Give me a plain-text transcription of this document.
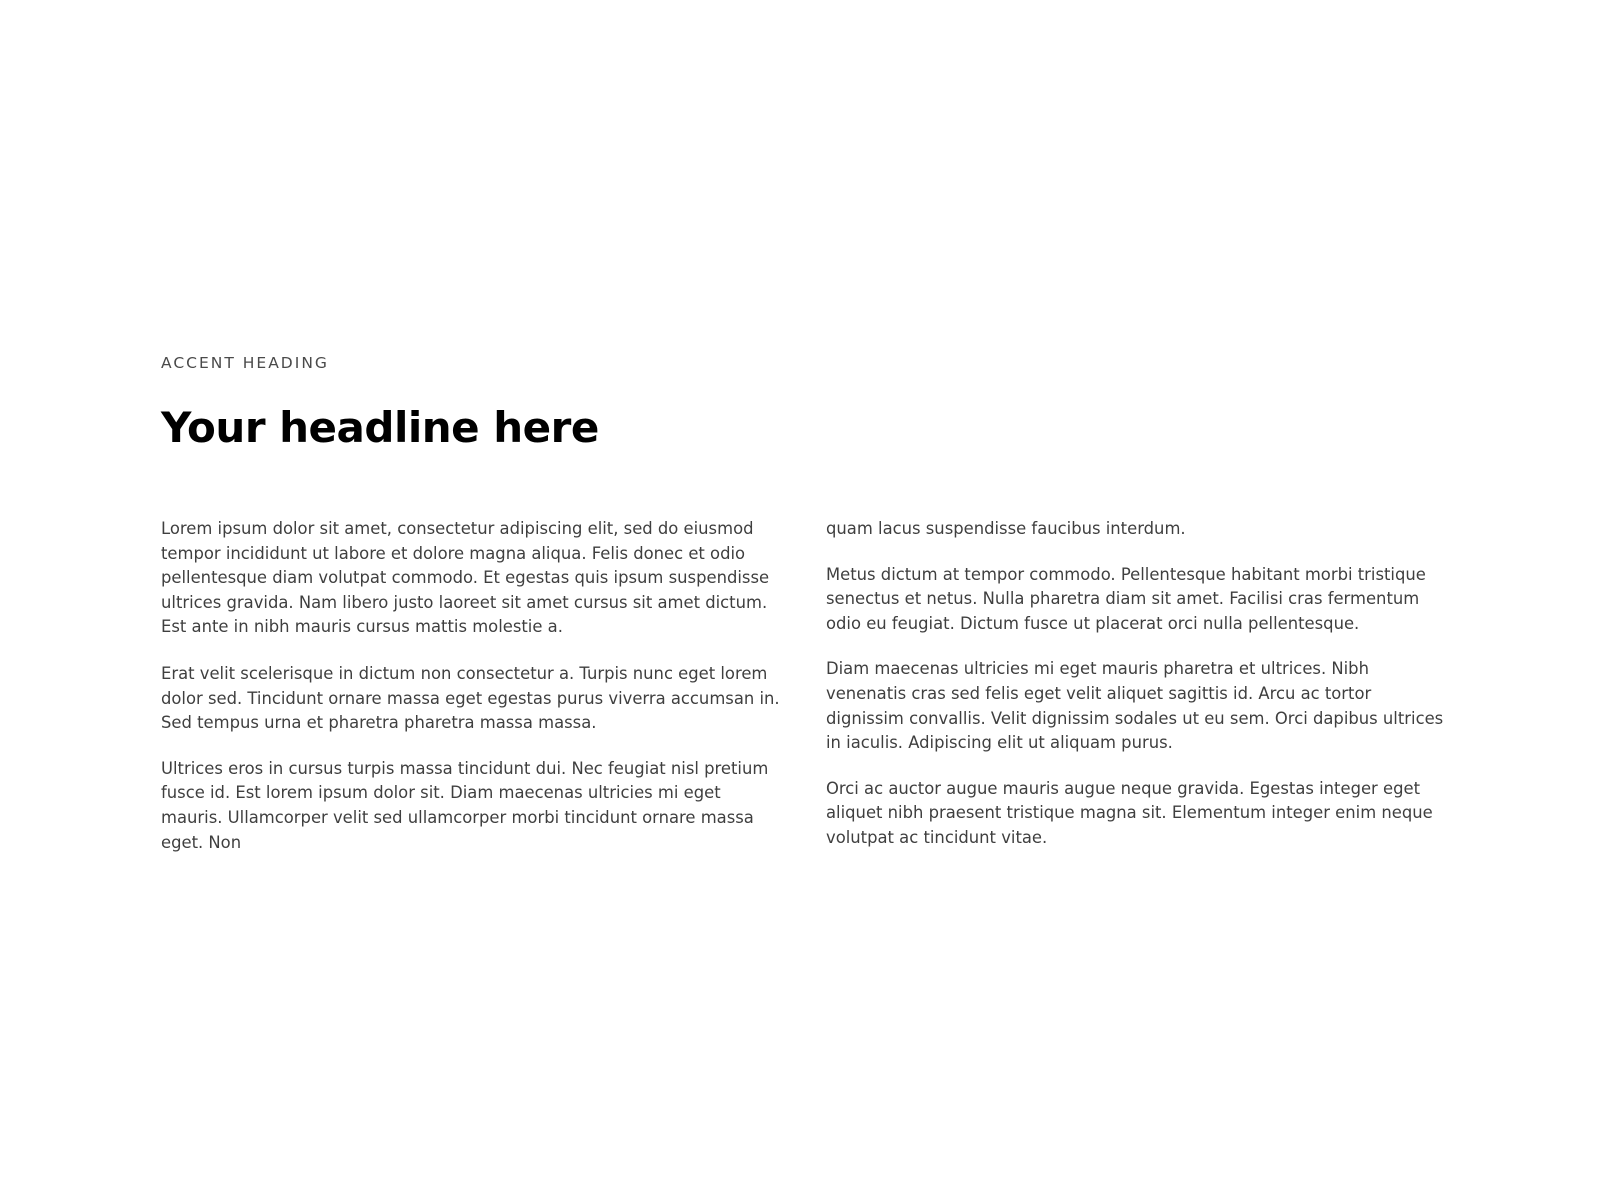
ACCENT HEADING
Your headline here

Lorem ipsum dolor sit amet, consectetur adipiscing elit, sed do eiusmod tempor incididunt ut labore et dolore magna aliqua. Felis donec et odio pellentesque diam volutpat commodo. Et egestas quis ipsum suspendisse ultrices gravida. Nam libero justo laoreet sit amet cursus sit amet dictum. Est ante in nibh mauris cursus mattis molestie a.

Erat velit scelerisque in dictum non consectetur a. Turpis nunc eget lorem dolor sed. Tincidunt ornare massa eget egestas purus viverra accumsan in. Sed tempus urna et pharetra pharetra massa massa.

Ultrices eros in cursus turpis massa tincidunt dui. Nec feugiat nisl pretium fusce id. Est lorem ipsum dolor sit. Diam maecenas ultricies mi eget mauris. Ullamcorper velit sed ullamcorper morbi tincidunt ornare massa eget. Non

quam lacus suspendisse faucibus interdum.

Metus dictum at tempor commodo. Pellentesque habitant morbi tristique senectus et netus. Nulla pharetra diam sit amet. Facilisi cras fermentum odio eu feugiat. Dictum fusce ut placerat orci nulla pellentesque.

Diam maecenas ultricies mi eget mauris pharetra et ultrices. Nibh venenatis cras sed felis eget velit aliquet sagittis id. Arcu ac tortor dignissim convallis. Velit dignissim sodales ut eu sem. Orci dapibus ultrices in iaculis. Adipiscing elit ut aliquam purus.

Orci ac auctor augue mauris augue neque gravida. Egestas integer eget aliquet nibh praesent tristique magna sit. Elementum integer enim neque volutpat ac tincidunt vitae.
